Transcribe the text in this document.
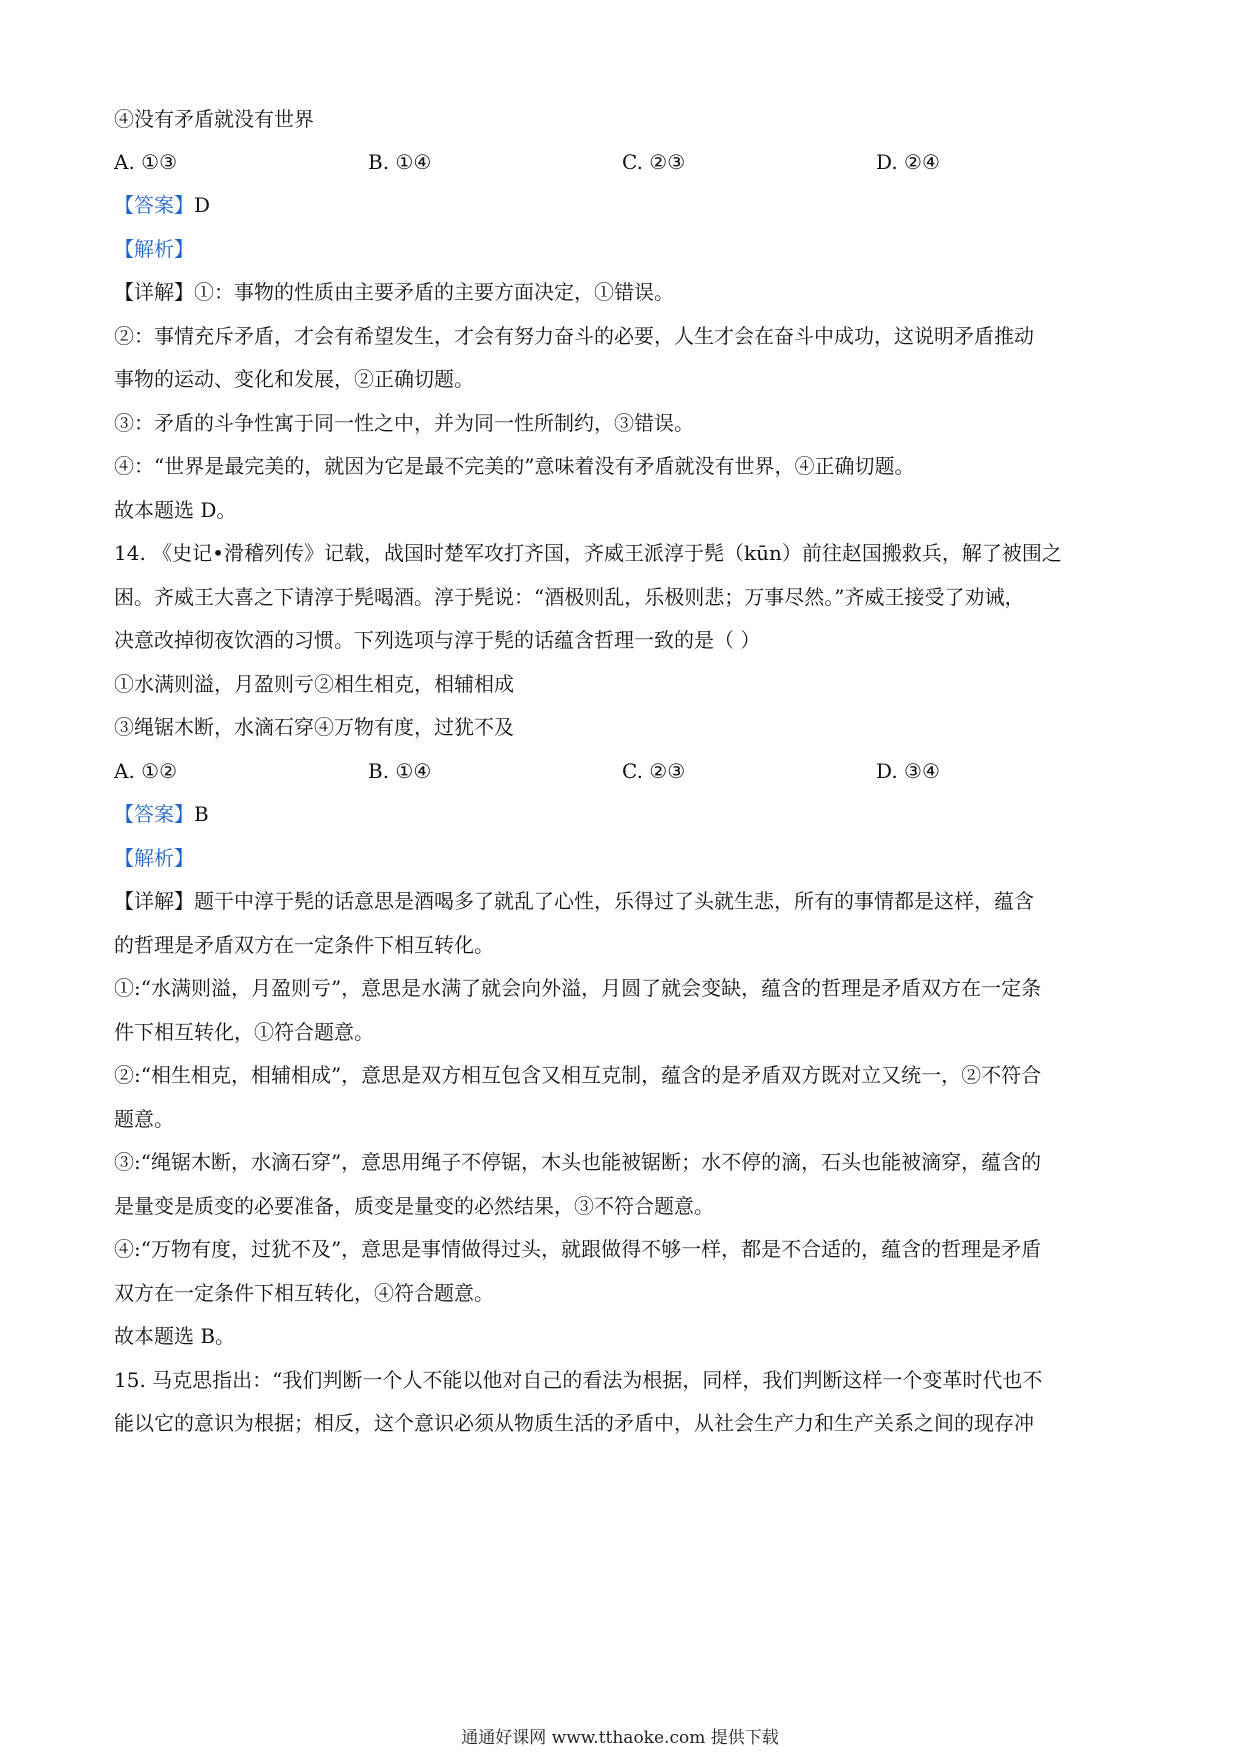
④没有矛盾就没有世界
A. ①③	B. ①④	C. ②③	D. ②④
【答案】D
【解析】
【详解】①：事物的性质由主要矛盾的主要方面决定，①错误。
②：事情充斥矛盾，才会有希望发生，才会有努力奋斗的必要，人生才会在奋斗中成功，这说明矛盾推动
事物的运动、变化和发展，②正确切题。
③：矛盾的斗争性寓于同一性之中，并为同一性所制约，③错误。
④：“世界是最完美的，就因为它是最不完美的”意味着没有矛盾就没有世界，④正确切题。
故本题选 D。
14. 《史记•滑稽列传》记载，战国时楚军攻打齐国，齐威王派淳于髡（kūn）前往赵国搬救兵，解了被围之
困。齐威王大喜之下请淳于髡喝酒。淳于髡说：“酒极则乱，乐极则悲；万事尽然。”齐威王接受了劝诫，
决意改掉彻夜饮酒的习惯。下列选项与淳于髡的话蕴含哲理一致的是（ ）
①水满则溢，月盈则亏②相生相克，相辅相成
③绳锯木断，水滴石穿④万物有度，过犹不及
A. ①②	B. ①④	C. ②③	D. ③④
【答案】B
【解析】
【详解】题干中淳于髡的话意思是酒喝多了就乱了心性，乐得过了头就生悲，所有的事情都是这样，蕴含
的哲理是矛盾双方在一定条件下相互转化。
①:“水满则溢，月盈则亏”，意思是水满了就会向外溢，月圆了就会变缺，蕴含的哲理是矛盾双方在一定条
件下相互转化，①符合题意。
②:“相生相克，相辅相成”，意思是双方相互包含又相互克制，蕴含的是矛盾双方既对立又统一，②不符合
题意。
③:“绳锯木断，水滴石穿”，意思用绳子不停锯，木头也能被锯断；水不停的滴，石头也能被滴穿，蕴含的
是量变是质变的必要准备，质变是量变的必然结果，③不符合题意。
④:“万物有度，过犹不及”，意思是事情做得过头，就跟做得不够一样，都是不合适的，蕴含的哲理是矛盾
双方在一定条件下相互转化，④符合题意。
故本题选 B。
15. 马克思指出：“我们判断一个人不能以他对自己的看法为根据，同样，我们判断这样一个变革时代也不
能以它的意识为根据；相反，这个意识必须从物质生活的矛盾中，从社会生产力和生产关系之间的现存冲
通通好课网 www.tthaoke.com 提供下载
